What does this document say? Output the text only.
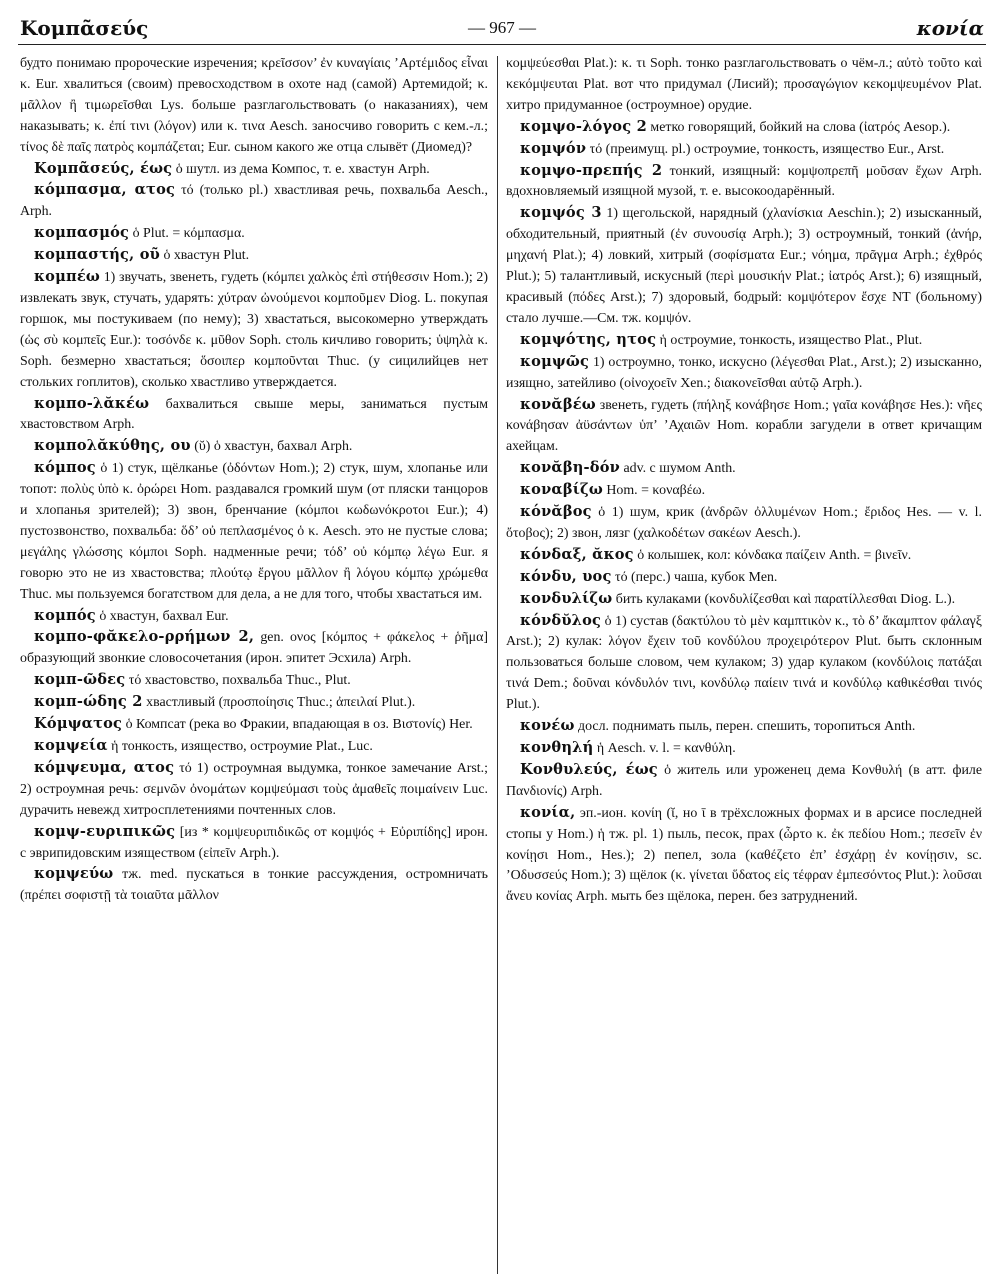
Κομπᾶσεύς	— 967 —	κονία

будто понимаю пророческие изречения; κρεῖσσον’ ἐν κυναγίαις ’Αρτέμιδος εἶναι κ. Eur. хвалиться (своим) превосходством в охоте над (самой) Артемидой; κ. μᾶλλον ἢ τιμωρεῖσθαι Lys. больше разглагольствовать (о наказаниях), чем наказывать; κ. ἐπί τινι (λόγον) или κ. τινα Aesch. заносчиво говорить с кем.-л.; τίνος δὲ παῖς πατρὸς κομπάζεται; Eur. сыном какого же отца слывёт (Диомед)?

Κομπᾶσεύς, έως ὁ шутл. из дема Компос, т. е. хвастун Arph.

κόμπασμα, ατος τό (только pl.) хвастливая речь, похвальба Aesch., Arph.

κομπασμός ὁ Plut. = κόμπασμα.

κομπαστής, οῦ ὁ хвастун Plut.

κομπέω 1) звучать, звенеть, гудеть (κόμπει χαλκὸς ἐπὶ στήθεσσιν Hom.); 2) извлекать звук, стучать, ударять: χύτραν ὠνούμενοι κομποῦμεν Diog. L. покупая горшок, мы постукиваем (по нему); 3) хвастаться, высокомерно утверждать (ὡς σὺ κομπεῖς Eur.): τοσόνδε κ. μῦθον Soph. столь кичливо говорить; ὑψηλὰ κ. Soph. безмерно хвастаться; ὅσοιπερ κομποῦνται Thuc. (у сицилийцев нет стольких гоплитов), сколько хвастливо утверждается.

κομπο-λᾰκέω бахвалиться свыше меры, заниматься пустым хвастовством Arph.

κομπολᾰκύθης, ου (ῠ) ὁ хвастун, бахвал Arph.

κόμπος ὁ 1) стук, щёлканье (ὀδόντων Hom.); 2) стук, шум, хлопанье или топот: πολὺς ὑπὸ κ. ὀρώρει Hom. раздавался громкий шум (от пляски танцоров и хлопанья зрителей); 3) звон, бренчание (κόμποι κωδωνόκροτοι Eur.); 4) пустозвонство, похвальба: ὅδ’ οὐ πεπλασμένος ὁ κ. Aesch. это не пустые слова; μεγάλης γλώσσης κόμποι Soph. надменные речи; τόδ’ οὐ κόμπῳ λέγω Eur. я говорю это не из хвастовства; πλούτῳ ἔργου μᾶλλον ἢ λόγου κόμπῳ χρώμεθα Thuc. мы пользуемся богатством для дела, а не для того, чтобы хвастаться им.

κομπός ὁ хвастун, бахвал Eur.

κομπο-φᾰκελο-ρρήμων 2, gen. ονος [κόμπος + φάκελος + ῥῆμα] образующий звонкие словосочетания (ирон. эпитет Эсхила) Arph.

κομπ-ῶδες τό хвастовство, похвальба Thuc., Plut.

κομπ-ώδης 2 хвастливый (προσποίησις Thuc.; ἀπειλαί Plut.).

Κόμψατος ὁ Компсат (река во Фракии, впадающая в оз. Βιστονίς) Her.

κομψεία ἡ тонкость, изящество, остроумие Plat., Luc.

κόμψευμα, ατος τό 1) остроумная выдумка, тонкое замечание Arst.; 2) остроумная речь: σεμνῶν ὀνομάτων κομψεύμασι τοὺς ἀμαθεῖς ποιμαίνειν Luc. дурачить невежд хитросплетениями почтенных слов.

κομψ-ευριπικῶς [из * κομψευριπιδικῶς от κομψός + Εὐριπίδης] ирон. с эврипидовским изяществом (εἰπεῖν Arph.).

κομψεύω тж. med. пускаться в тонкие рассуждения, остромничать (πρέπει σοφιστῇ τὰ τοιαῦτα μᾶλλον

κομψεύεσθαι Plat.): κ. τι Soph. тонко разглагольствовать о чём-л.; αὐτὸ τοῦτο καὶ κεκόμψευται Plat. вот что придумал (Лисий); προσαγώγιον κεκομψευμένον Plat. хитро придуманное (остроумное) орудие.

κομψο-λόγος 2 метко говорящий, бойкий на слова (ἰατρός Aesop.).

κομψόν τό (преимущ. pl.) остроумие, тонкость, изящество Eur., Arst.

κομψο-πρεπής 2 тонкий, изящный: κομψοπρεπῆ μοῦσαν ἔχων Arph. вдохновляемый изящной музой, т. е. высокоодарённый.

κομψός 3 1) щегольской, нарядный (χλανίσκια Aeschin.); 2) изысканный, обходительный, приятный (ἐν συνουσίᾳ Arph.); 3) остроумный, тонкий (ἀνήρ, μηχανή Plat.); 4) ловкий, хитрый (σοφίσματα Eur.; νόημα, πρᾶγμα Arph.; ἐχθρός Plut.); 5) талантливый, искусный (περὶ μουσικήν Plat.; ἰατρός Arst.); 6) изящный, красивый (πόδες Arst.); 7) здоровый, бодрый: κομψότερον ἔσχε NT (больному) стало лучше.—См. тж. κομψόν.

κομψότης, ητος ἡ остроумие, тонкость, изящество Plat., Plut.

κομψῶς 1) остроумно, тонко, искусно (λέγεσθαι Plat., Arst.); 2) изысканно, изящно, затейливо (οἰνοχοεῖν Xen.; διακονεῖσθαι αὐτῷ Arph.).

κονᾰβέω звенеть, гудеть (πήληξ κονάβησε Hom.; γαῖα κονάβησε Hes.): νῆες κονάβησαν ἀϋσάντων ὑπ’ ’Αχαιῶν Hom. корабли загудели в ответ кричащим ахейцам.

κονᾰβη-δόν adv. с шумом Anth.

κοναβίζω Hom. = κοναβέω.

κόνᾰβος ὁ 1) шум, крик (ἀνδρῶν ὀλλυμένων Hom.; ἔριδος Hes. — v. l. ὄτοβος); 2) звон, лязг (χαλκοδέτων σακέων Aesch.).

κόνδαξ, ᾰκος ὁ колышек, кол: κόνδακα παίζειν Anth. = βινεῖν.

κόνδυ, υος τό (перс.) чаша, кубок Men.

κονδυλίζω бить кулаками (κονδυλίζεσθαι καὶ παρατίλλεσθαι Diog. L.).

κόνδῠλος ὁ 1) сустав (δακτύλου τὸ μὲν καμπτικὸν κ., τὸ δ’ ἄκαμπτον φάλαγξ Arst.); 2) кулак: λόγον ἔχειν τοῦ κονδύλου προχειρότερον Plut. быть склонным пользоваться больше словом, чем кулаком; 3) удар кулаком (κονδύλοις πατάξαι τινά Dem.; δοῦναι κόνδυλόν τινι, κονδύλῳ παίειν τινά и κονδύλῳ καθικέσθαι τινός Plut.).

κονέω досл. поднимать пыль, перен. спешить, торопиться Anth.

κονθηλή ἡ Aesch. v. l. = κανθύλη.

Κονθυλεύς, έως ὁ житель или уроженец дема Κονθυλή (в атт. филе Πανδιονίς) Arph.

κονία, эп.-ион. κονίη (ῐ, но ῑ в трёхсложных формах и в арсисе последней стопы у Hom.) ἡ тж. pl. 1) пыль, песок, прах (ὦρτο κ. ἐκ πεδίου Hom.; πεσεῖν ἐν κονίῃσι Hom., Hes.); 2) пепел, зола (καθέζετο ἐπ’ ἐσχάρῃ ἐν κονίῃσιν, sc. ’Οδυσσεύς Hom.); 3) щёлок (κ. γίνεται ὕδατος εἰς τέφραν ἐμπεσόντος Plut.): λοῦσαι ἄνευ κονίας Arph. мыть без щёлока, перен. без затруднений.
